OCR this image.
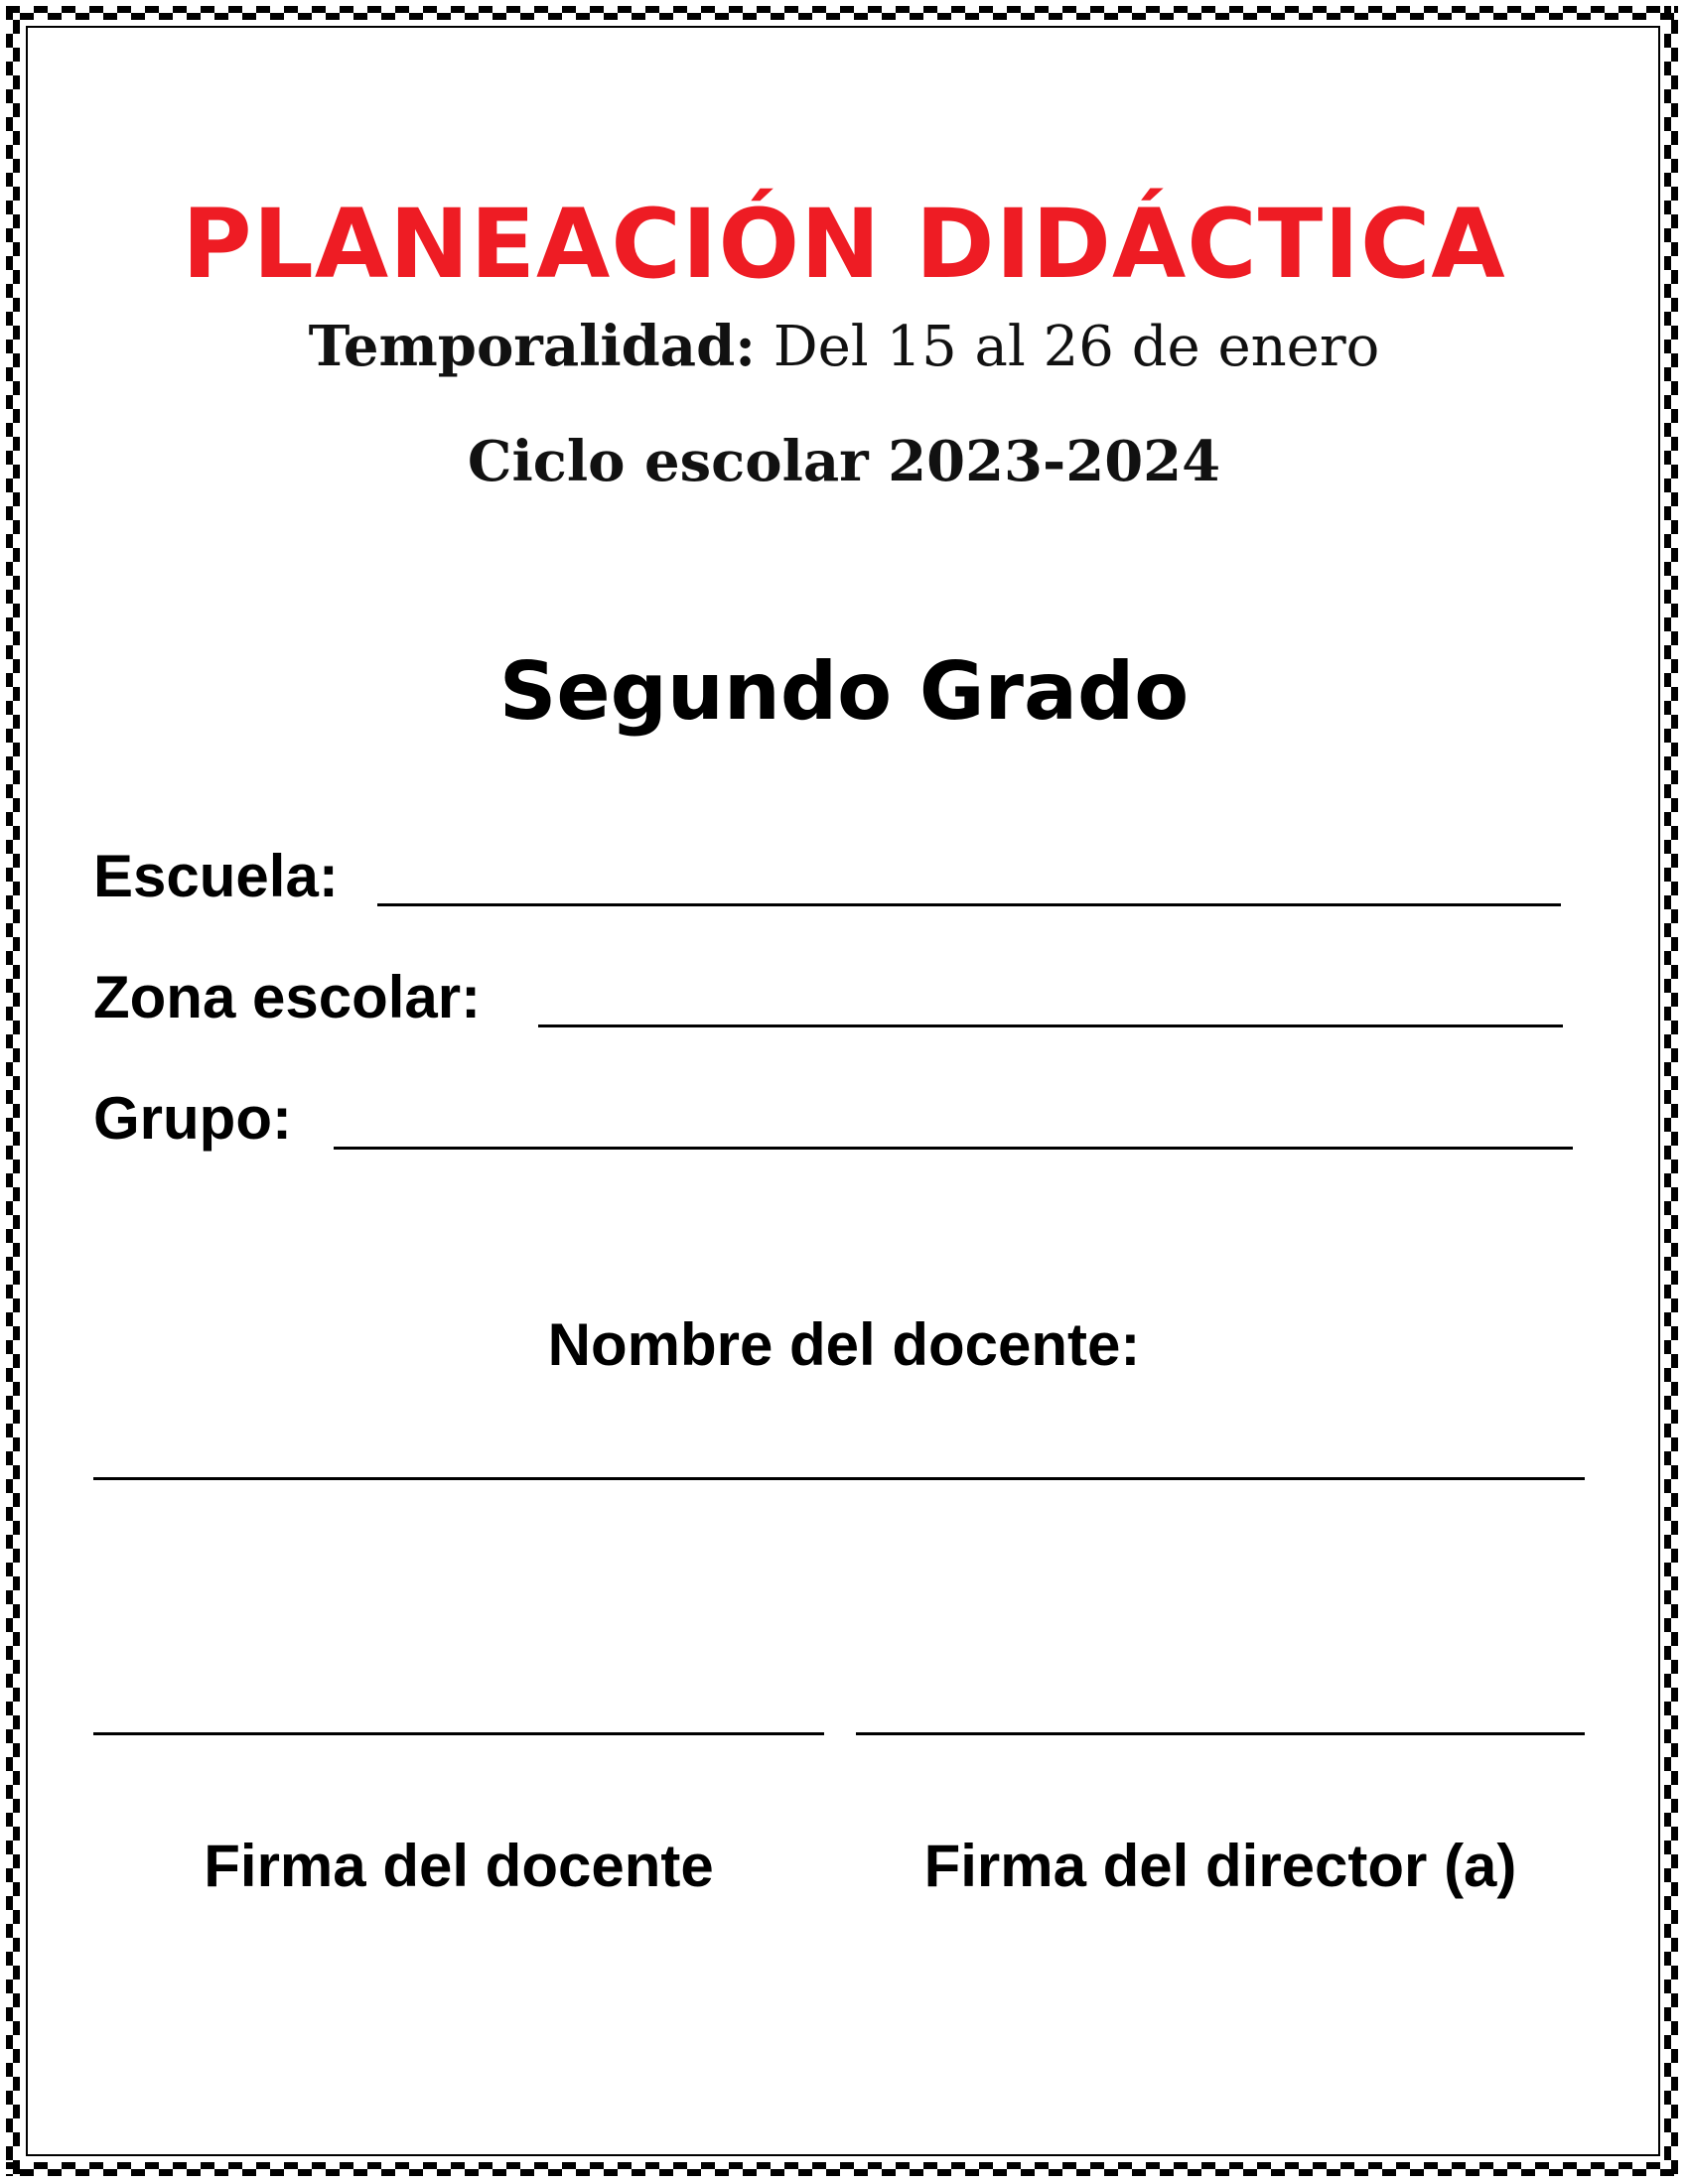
PLANEACIÓN DIDÁCTICA
Temporalidad: Del 15 al 26 de enero
Ciclo escolar 2023-2024
Segundo Grado
Escuela:
Zona escolar:
Grupo:
Nombre del docente:
Firma del docente	Firma del director (a)
